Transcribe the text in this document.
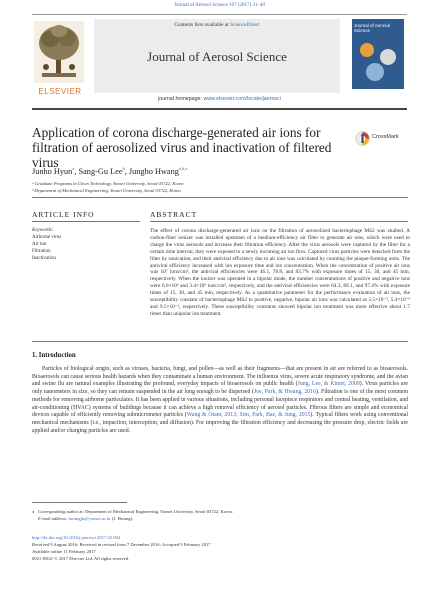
Journal of Aerosol Science 107 (2017) 31–40
ELSEVIER
Contents lists available at ScienceDirect
Journal of Aerosol Science
Journal of Aerosol Science
journal homepage: www.elsevier.com/locate/jaerosci
Application of corona discharge-generated air ions for filtration of aerosolized virus and inactivation of filtered virus
CrossMark
Junho Hyun$^a$, Sang-Gu Lee$^b$, Jungho Hwang$^{a,b,⁎}$
ᵃ Graduate Programs in Clean Technology, Yonsei University, Seoul 03722, Korea
ᵇ Department of Mechanical Engineering, Yonsei University, Seoul 03722, Korea
ARTICLE INFO	ABSTRACT
Keywords:
Airborne virus
Air ion
Filtration
Inactivation
The effect of corona discharge-generated air ions on the filtration of aerosolized bacteriophage MS2 was studied. A carbon-fiber ionizer was installed upstream of a medium-efficiency air filter to generate air ions, which were used to charge the virus aerosols and increase their filtration efficiency. After the virus aerosols were captured by the filter for a certain time interval, they were exposed to a newly incoming air ion flow. Captured virus particles were detached from the filter by sonication, and their antiviral efficiency due to air ions was calculated by counting the plaque-forming units. The antiviral efficiency increased with ion exposure time and ion concentration. When the concentration of positive air ions was 10⁷ ions/cm³, the antiviral efficiencies were 46.1, 78.8, and 83.7% with exposure times of 15, 30, and 45 min, respectively. When the ionizer was operated in a bipolar mode, the number concentrations of positive and negative ions were 6.6×10⁶ and 3.4×10⁶ ions/cm³, respectively, and the antiviral efficiencies were 64.3, 89.1, and 97.4% with exposure times of 15, 30, and 45 min, respectively. As a quantitative parameter for the performance evaluation of air ions, the susceptibility constant of bacteriophage MS2 to positive, negative, bipolar air ions was calculated as 5.5×10⁻³, 5.4×10⁻³ and 9.5×10⁻³, respectively. These susceptibility constants showed bipolar ion treatment was more effective about 1.7 times than unipolar ion treatment.
1. Introduction
Particles of biological origin, such as viruses, bacteria, fungi, and pollen—as well as their fragments—that are present in air are referred to as bioaerosols. Bioaerosols can cause serious health hazards when they contaminate a human environment. The influenza virus, severe acute respiratory syndrome, and the avian and swine flu are natural examples illustrating the profound, everyday impacts of bioaerosols on public health (Jung, Lee, & Kimet, 2009). Virus particles are only nanometers in size, so they can remain suspended in the air long enough to be dispersed (Joe, Park, & Hwang, 2016). Filtration is one of the most common methods for removing airborne particulates. It has been applied in various situations, including personal facepiece respirators and central heating, ventilation, and air-conditioning (HVAC) systems of buildings because it can achieve a high removal efficiency of aerosol particles. Fibrous filters are simple and economical devices capable of efficiently removing submicrometer particles (Wang & Otani, 2013; Sim, Park, Bae, & Jung, 2015). Typical filters work using conventional mechanical mechanisms (i.e., impaction, interception, and diffusion). For improving the filtration efficiency and decreasing the pressure drop, electric fields are applied and/or charging particles are used.
⁎ Corresponding author at: Department of Mechanical Engineering, Yonsei University, Seoul 03722, Korea.
E-mail address: hwangjh@yonsei.ac.kr (J. Hwang).
http://dx.doi.org/10.1016/j.jaerosci.2017.02.004
Received 9 August 2016; Received in revised form 7 December 2016; Accepted 9 February 2017
Available online 11 February 2017
0021-8502/ © 2017 Elsevier Ltd. All rights reserved.
